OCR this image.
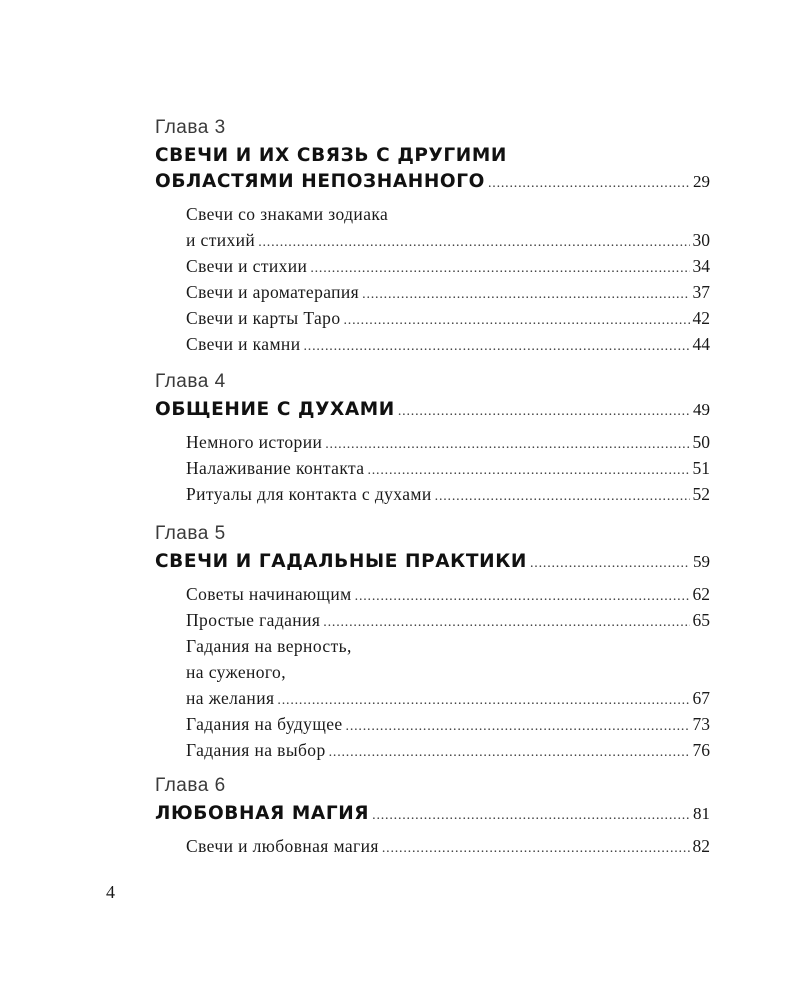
Глава 3
СВЕЧИ И ИХ СВЯЗЬ С ДРУГИМИ
ОБЛАСТЯМИ НЕПОЗНАННОГО .....	29
Свечи со знаками зодиака
и стихий .....	30
Свечи и стихии .....	34
Свечи и ароматерапия .....	37
Свечи и карты Таро .....	42
Свечи и камни .....	44
Глава 4
ОБЩЕНИЕ С ДУХАМИ .....	49
Немного истории .....	50
Налаживание контакта .....	51
Ритуалы для контакта с духами .....	52
Глава 5
СВЕЧИ И ГАДАЛЬНЫЕ ПРАКТИКИ .....	59
Советы начинающим .....	62
Простые гадания .....	65
Гадания на верность,
на суженого,
на желания .....	67
Гадания на будущее .....	73
Гадания на выбор .....	76
Глава 6
ЛЮБОВНАЯ МАГИЯ .....	81
Свечи и любовная магия .....	82
4
